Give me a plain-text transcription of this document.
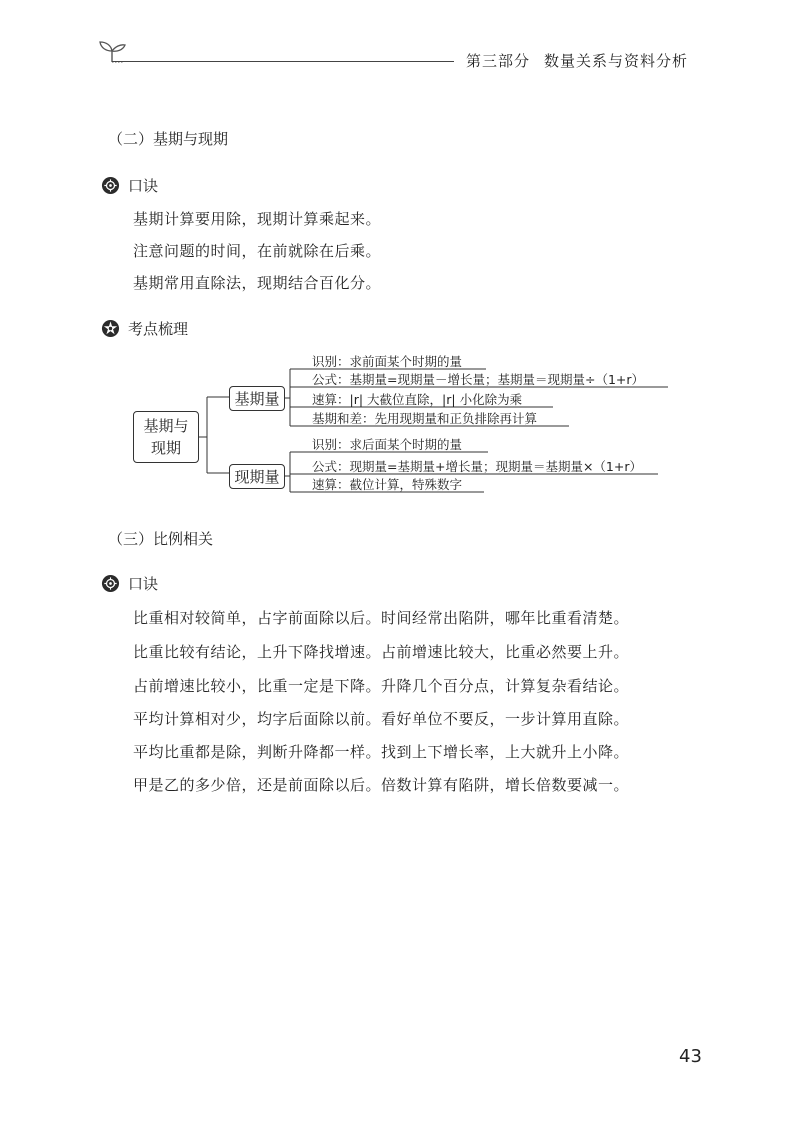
第三部分 数量关系与资料分析
（二）基期与现期
口诀
基期计算要用除，现期计算乘起来。
注意问题的时间，在前就除在后乘。
基期常用直除法，现期结合百化分。
考点梳理
基期与
现期
基期量
现期量
识别：求前面某个时期的量
公式：基期量=现期量－增长量；基期量＝现期量÷（1+r）
速算：|r| 大截位直除，|r| 小化除为乘
基期和差：先用现期量和正负排除再计算
识别：求后面某个时期的量
公式：现期量=基期量+增长量；现期量＝基期量×（1+r）
速算：截位计算，特殊数字
（三）比例相关
口诀
比重相对较简单，占字前面除以后。时间经常出陷阱，哪年比重看清楚。
比重比较有结论，上升下降找增速。占前增速比较大，比重必然要上升。
占前增速比较小，比重一定是下降。升降几个百分点，计算复杂看结论。
平均计算相对少，均字后面除以前。看好单位不要反，一步计算用直除。
平均比重都是除，判断升降都一样。找到上下增长率，上大就升上小降。
甲是乙的多少倍，还是前面除以后。倍数计算有陷阱，增长倍数要减一。
43
